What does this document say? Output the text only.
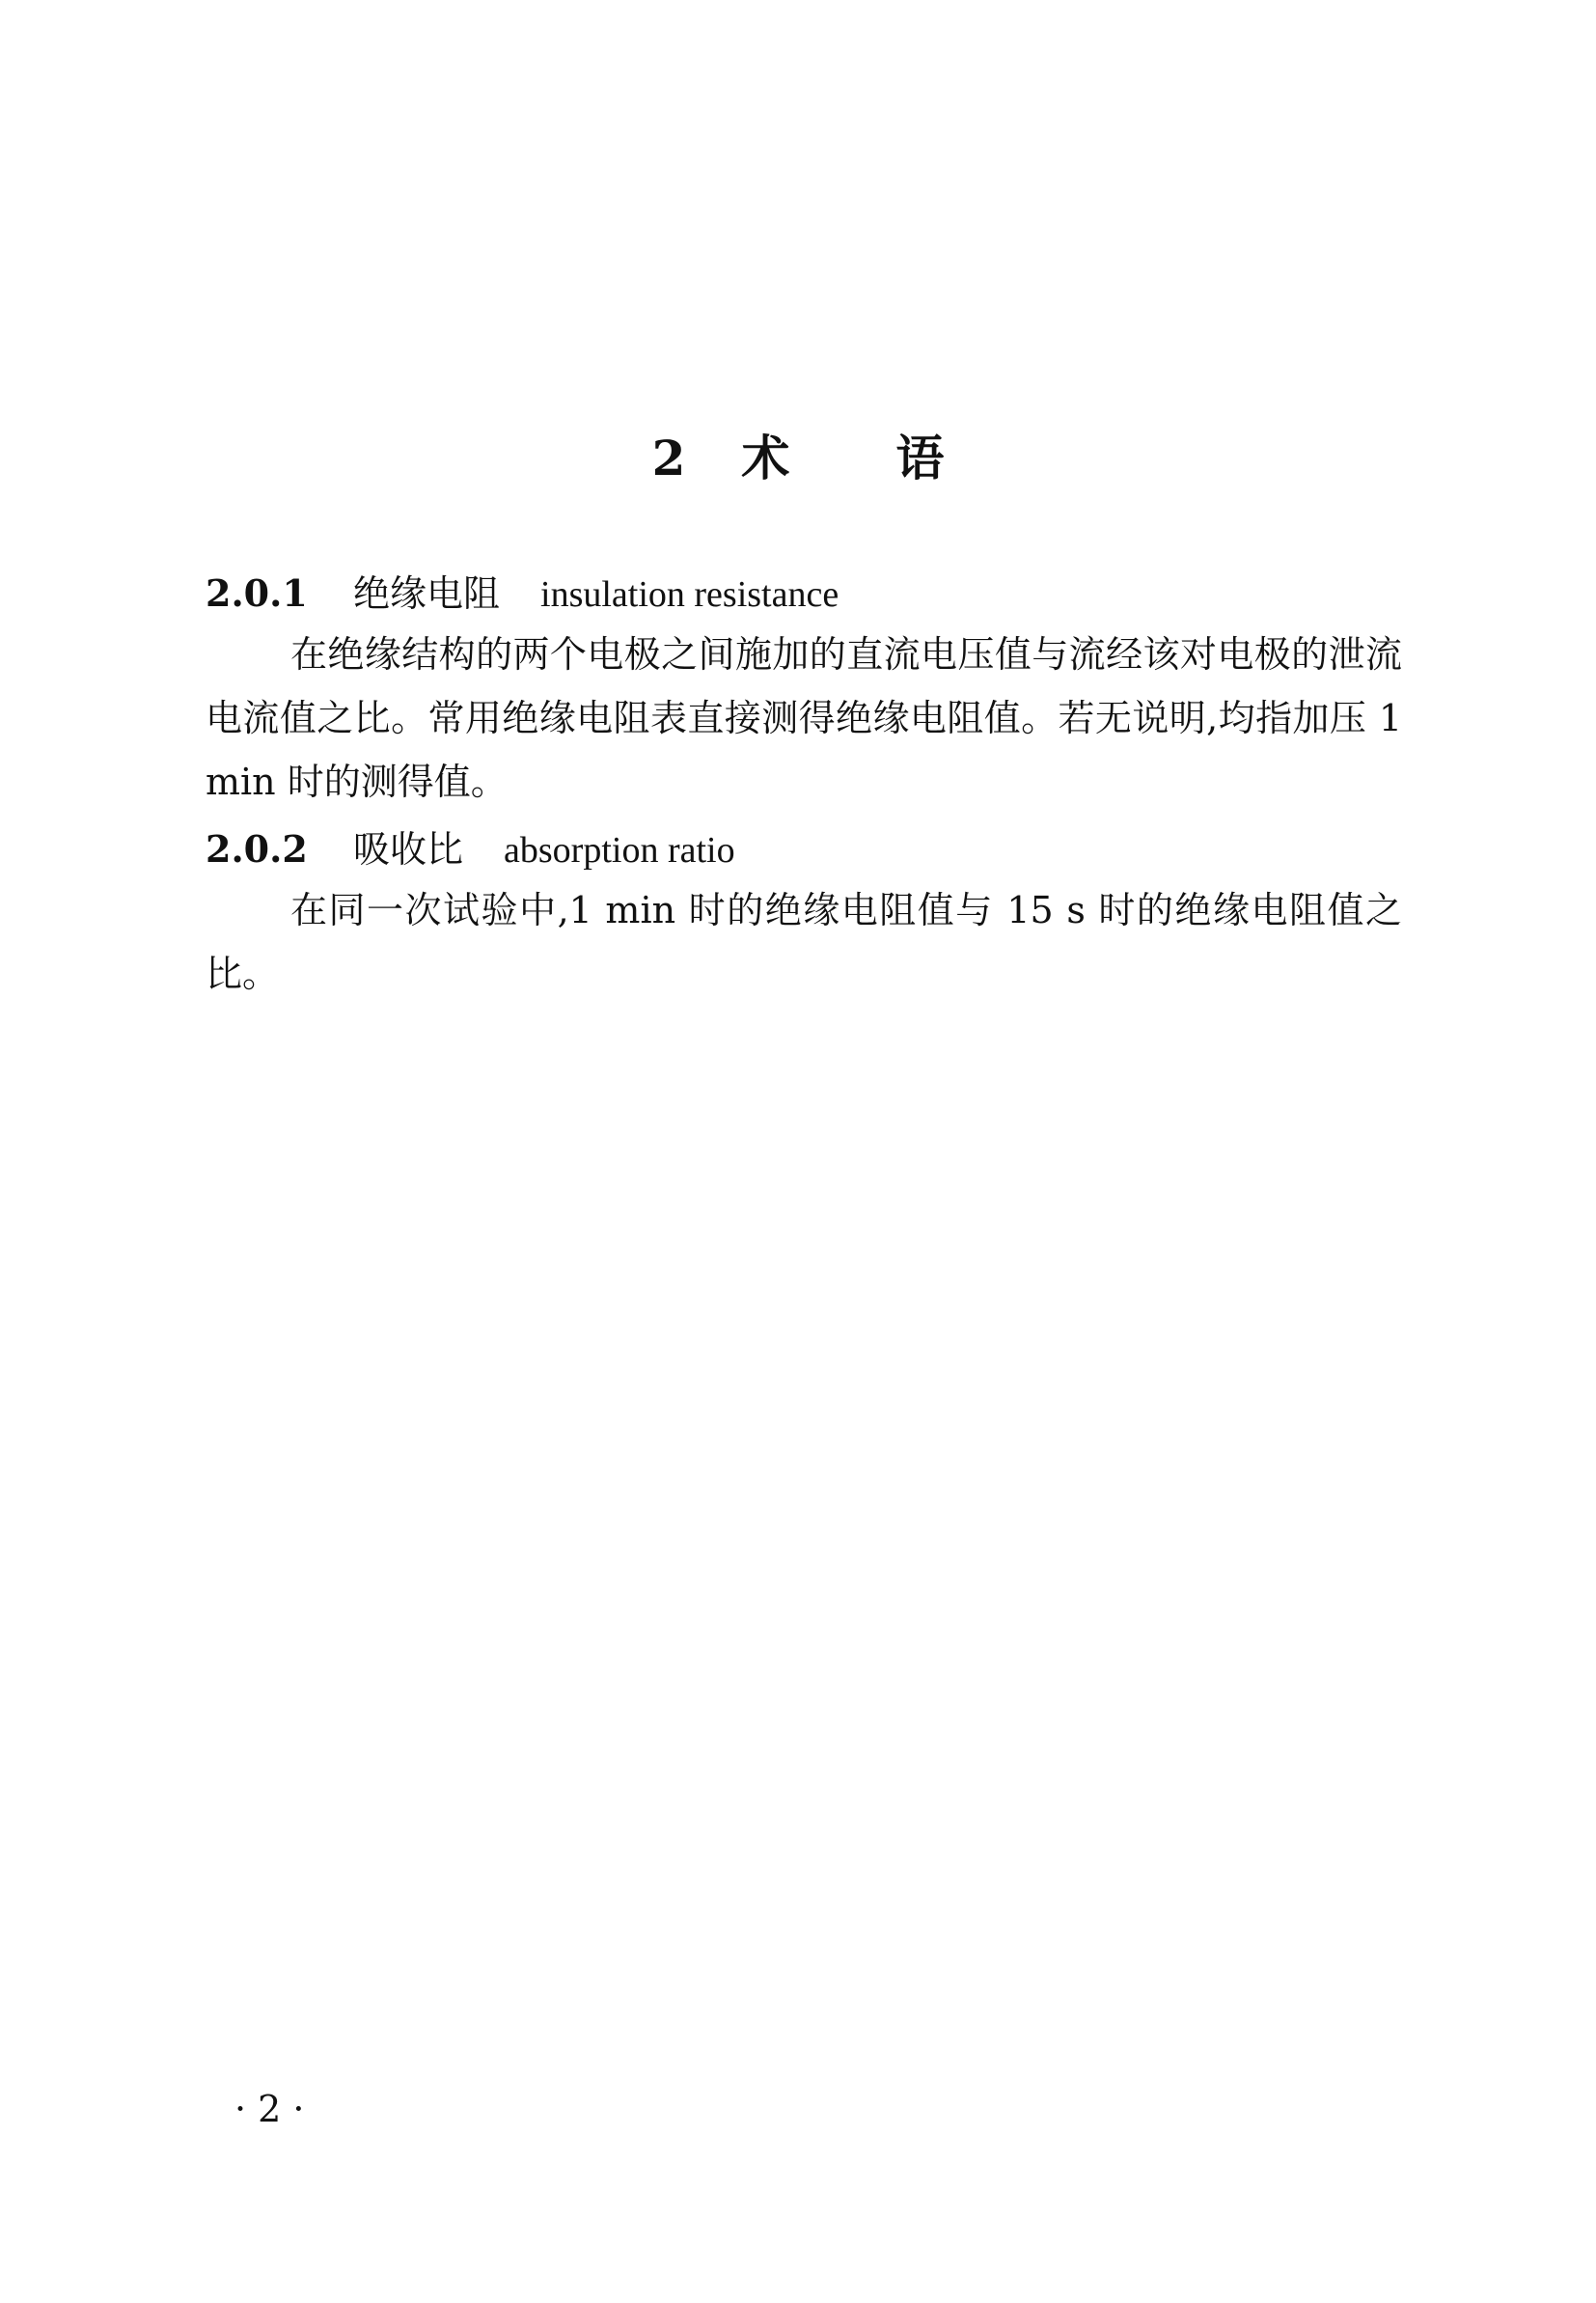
2 术 语
2.0.1 绝缘电阻 insulation resistance
在绝缘结构的两个电极之间施加的直流电压值与流经该对电极的泄流电流值之比。常用绝缘电阻表直接测得绝缘电阻值。若无说明,均指加压 1 min 时的测得值。
2.0.2 吸收比 absorption ratio
在同一次试验中,1 min 时的绝缘电阻值与 15 s 时的绝缘电阻值之比。
· 2 ·
